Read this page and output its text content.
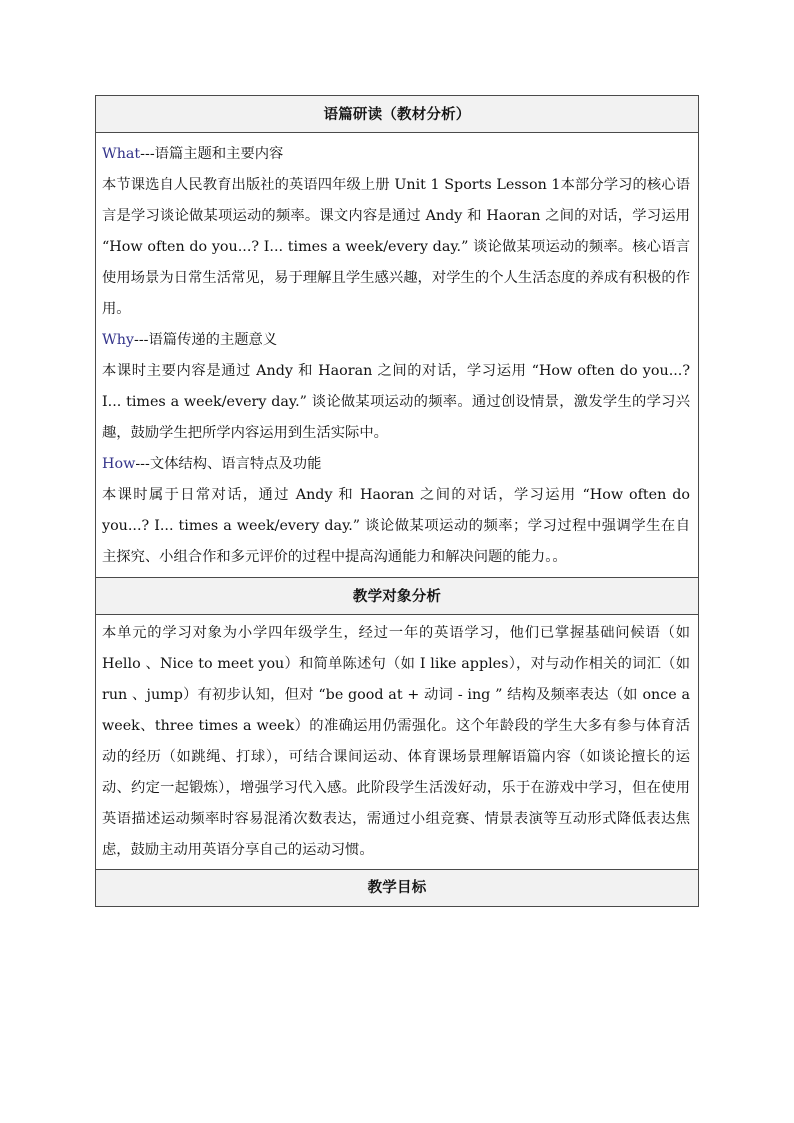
语篇研读（教材分析）

What---语篇主题和主要内容

本节课选自人民教育出版社的英语四年级上册 Unit 1 Sports Lesson 1本部分学习的核心语言是学习谈论做某项运动的频率。课文内容是通过 Andy 和 Haoran 之间的对话，学习运用 “How often do you...? I... times a week/every day.” 谈论做某项运动的频率。核心语言使用场景为日常生活常见，易于理解且学生感兴趣，对学生的个人生活态度的养成有积极的作用。

Why---语篇传递的主题意义

本课时主要内容是通过 Andy 和 Haoran 之间的对话，学习运用 “How often do you...? I... times a week/every day.” 谈论做某项运动的频率。通过创设情景，激发学生的学习兴趣，鼓励学生把所学内容运用到生活实际中。

How---文体结构、语言特点及功能

本课时属于日常对话，通过 Andy 和 Haoran 之间的对话，学习运用 “How often do you...? I... times a week/every day.” 谈论做某项运动的频率；学习过程中强调学生在自主探究、小组合作和多元评价的过程中提高沟通能力和解决问题的能力。。

教学对象分析

本单元的学习对象为小学四年级学生，经过一年的英语学习，他们已掌握基础问候语（如 Hello 、Nice to meet you）和简单陈述句（如 I like apples），对与动作相关的词汇（如 run 、jump）有初步认知，但对 “be good at + 动词 - ing ” 结构及频率表达（如 once a week、three times a week）的准确运用仍需强化。这个年龄段的学生大多有参与体育活动的经历（如跳绳、打球），可结合课间运动、体育课场景理解语篇内容（如谈论擅长的运动、约定一起锻炼），增强学习代入感。此阶段学生活泼好动，乐于在游戏中学习，但在使用英语描述运动频率时容易混淆次数表达，需通过小组竞赛、情景表演等互动形式降低表达焦虑，鼓励主动用英语分享自己的运动习惯。

教学目标
